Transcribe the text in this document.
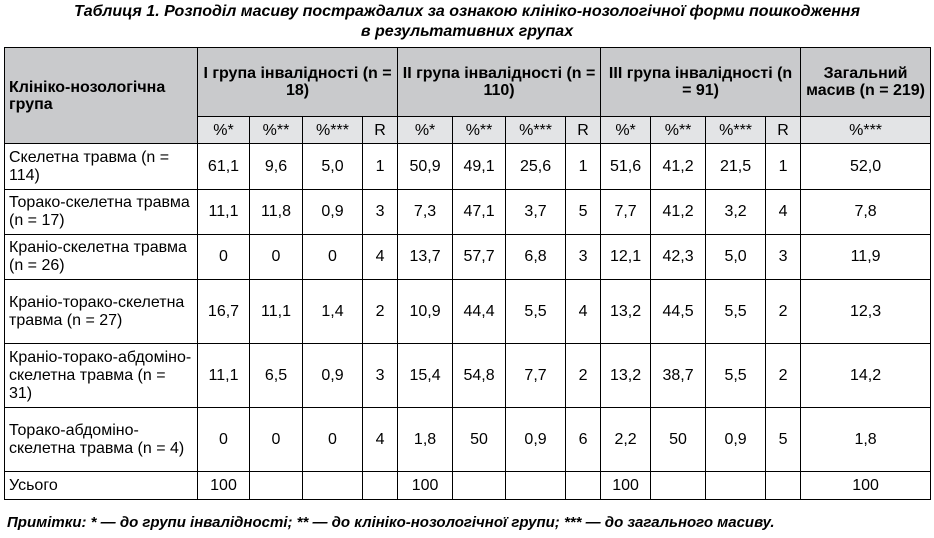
Таблиця 1. Розподіл масиву постраждалих за ознакою клініко-нозологічної форми пошкодження
в результативних групах
Клініко-нозологічна група	I група інвалідності (n = 18)				II група інвалідності (n = 110)				III група інвалідності (n = 91)				Загальний масив (n = 219)
	%*	%**	%***	R	%*	%**	%***	R	%*	%**	%***	R	%***
Скелетна травма (n = 114)	61,1	9,6	5,0	1	50,9	49,1	25,6	1	51,6	41,2	21,5	1	52,0
Торако-скелетна травма (n = 17)	11,1	11,8	0,9	3	7,3	47,1	3,7	5	7,7	41,2	3,2	4	7,8
Краніо-скелетна травма (n = 26)	0	0	0	4	13,7	57,7	6,8	3	12,1	42,3	5,0	3	11,9
Краніо-торако-скелетна травма (n = 27)	16,7	11,1	1,4	2	10,9	44,4	5,5	4	13,2	44,5	5,5	2	12,3
Краніо-торако-абдоміно-скелетна травма (n = 31)	11,1	6,5	0,9	3	15,4	54,8	7,7	2	13,2	38,7	5,5	2	14,2
Торако-абдоміно-скелетна травма (n = 4)	0	0	0	4	1,8	50	0,9	6	2,2	50	0,9	5	1,8
Усього	100				100				100				100
Примітки: * — до групи інвалідності; ** — до клініко-нозологічної групи; *** — до загального масиву.
